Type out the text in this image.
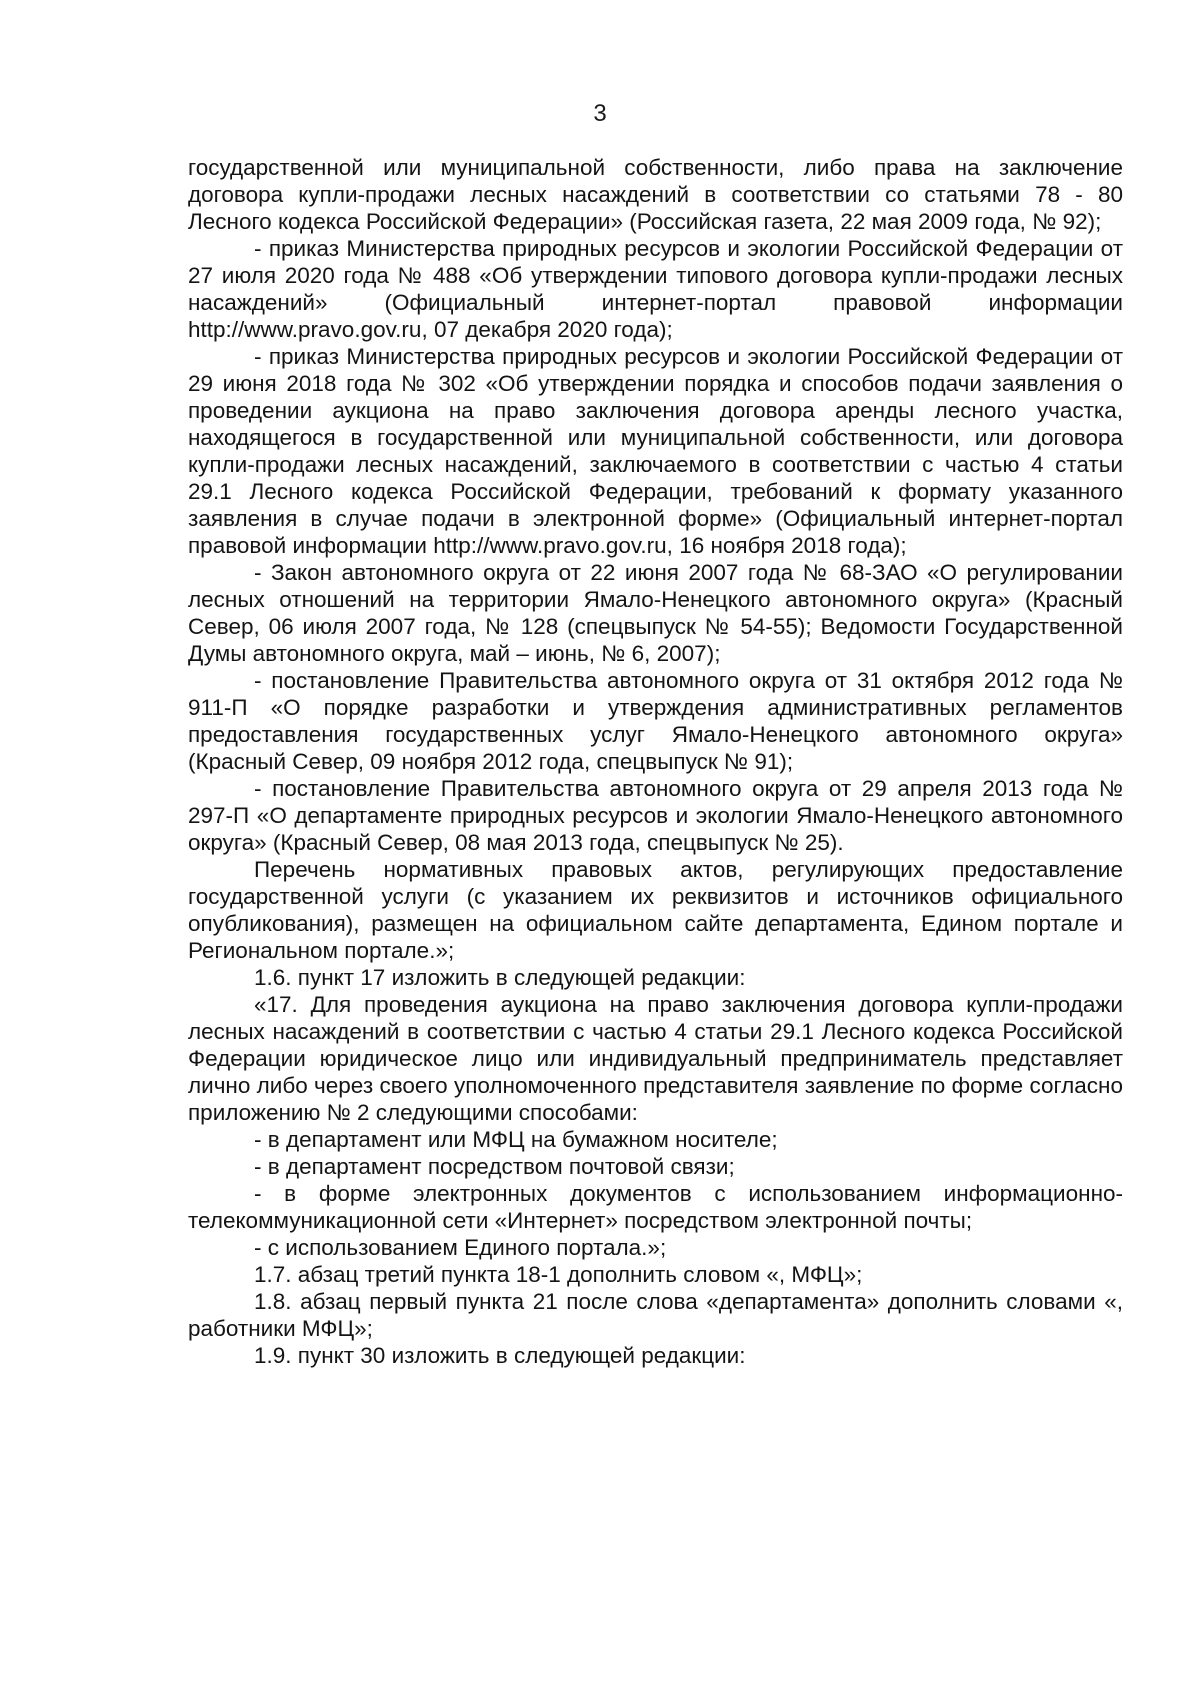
3

государственной или муниципальной собственности, либо права на заключение договора купли-продажи лесных насаждений в соответствии со статьями 78 - 80 Лесного кодекса Российской Федерации» (Российская газета, 22 мая 2009 года, № 92);

- приказ Министерства природных ресурсов и экологии Российской Федерации от 27 июля 2020 года № 488 «Об утверждении типового договора купли-продажи лесных насаждений» (Официальный интернет-портал правовой информации http://www.pravo.gov.ru, 07 декабря 2020 года);

- приказ Министерства природных ресурсов и экологии Российской Федерации от 29 июня 2018 года № 302 «Об утверждении порядка и способов подачи заявления о проведении аукциона на право заключения договора аренды лесного участка, находящегося в государственной или муниципальной собственности, или договора купли-продажи лесных насаждений, заключаемого в соответствии с частью 4 статьи 29.1 Лесного кодекса Российской Федерации, требований к формату указанного заявления в случае подачи в электронной форме» (Официальный интернет-портал правовой информации http://www.pravo.gov.ru, 16 ноября 2018 года);

- Закон автономного округа от 22 июня 2007 года № 68-ЗАО «О регулировании лесных отношений на территории Ямало-Ненецкого автономного округа» (Красный Север, 06 июля 2007 года, № 128 (спецвыпуск № 54-55); Ведомости Государственной Думы автономного округа, май – июнь, № 6, 2007);

- постановление Правительства автономного округа от 31 октября 2012 года № 911-П «О порядке разработки и утверждения административных регламентов предоставления государственных услуг Ямало-Ненецкого автономного округа» (Красный Север, 09 ноября 2012 года, спецвыпуск № 91);

- постановление Правительства автономного округа от 29 апреля 2013 года № 297-П «О департаменте природных ресурсов и экологии Ямало-Ненецкого автономного округа» (Красный Север, 08 мая 2013 года, спецвыпуск № 25).

Перечень нормативных правовых актов, регулирующих предоставление государственной услуги (с указанием их реквизитов и источников официального опубликования), размещен на официальном сайте департамента, Едином портале и Региональном портале.»;

1.6. пункт 17 изложить в следующей редакции:

«17. Для проведения аукциона на право заключения договора купли-продажи лесных насаждений в соответствии с частью 4 статьи 29.1 Лесного кодекса Российской Федерации юридическое лицо или индивидуальный предприниматель представляет лично либо через своего уполномоченного представителя заявление по форме согласно приложению № 2 следующими способами:

- в департамент или МФЦ на бумажном носителе;

- в департамент посредством почтовой связи;

- в форме электронных документов с использованием информационно-телекоммуникационной сети «Интернет» посредством электронной почты;

- с использованием Единого портала.»;

1.7. абзац третий пункта 18-1 дополнить словом «, МФЦ»;

1.8. абзац первый пункта 21 после слова «департамента» дополнить словами «, работники МФЦ»;

1.9. пункт 30 изложить в следующей редакции:
